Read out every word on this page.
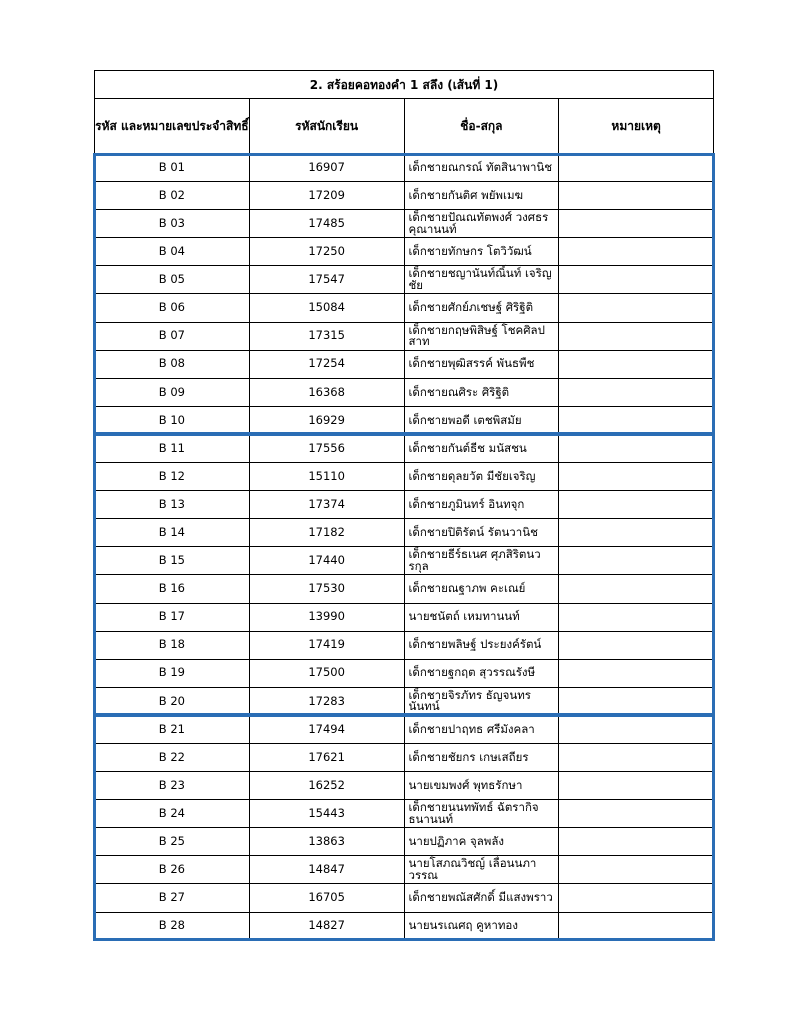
2. สร้อยคอทองคำ 1 สลึง (เส้นที่ 1)			
รหัส และหมายเลขประจำสิทธิ์	รหัสนักเรียน	ชื่อ-สกุล	หมายเหตุ
B 01	16907	เด็กชายณกรณ์ ทัตสินาพานิช	
B 02	17209	เด็กชายกันติศ พยัพเมฆ	
B 03	17485	เด็กชายปัณณทัตพงศ์ วงศธรคุณานนท์	
B 04	17250	เด็กชายทักษกร โตวิวัฒน์	
B 05	17547	เด็กชายชญานันท์ณิ์นท์ เจริญชัย	
B 06	15084	เด็กชายศักย์ภเชษฐ์ ศิริฐิติ	
B 07	17315	เด็กชายกฤษพิสิษฐ์ โชคศิลปสาท	
B 08	17254	เด็กชายพุฒิสรรค์ พันธพืช	
B 09	16368	เด็กชายณศิระ ศิริฐิติ	
B 10	16929	เด็กชายพอดี เตชพิสมัย	
B 11	17556	เด็กชายกันต์ธีช มนัสชน	
B 12	15110	เด็กชายดุลยวัต มีชัยเจริญ	
B 13	17374	เด็กชายภูมินทร์ อินทจุก	
B 14	17182	เด็กชายปิติรัตน์ รัตนวานิช	
B 15	17440	เด็กชายธีร์ธเนศ ศุภสิริตนวรกุล	
B 16	17530	เด็กชายณฐาภพ คะเณย์	
B 17	13990	นายชนัตถ์ เหมทานนท์	
B 18	17419	เด็กชายพลิษฐ์ ประยงค์รัตน์	
B 19	17500	เด็กชายฐกฤต สุวรรณรังษี	
B 20	17283	เด็กชายจิรภัทร ธัญจนทรนันทน์	
B 21	17494	เด็กชายปาฤทธ ศรีมังคลา	
B 22	17621	เด็กชายชัยกร เกษเสถียร	
B 23	16252	นายเขมพงศ์ พุทธรักษา	
B 24	15443	เด็กชายนนทพัทธ์ ฉัตรากิจธนานนท์	
B 25	13863	นายปฏิภาค จุลพลัง	
B 26	14847	นายโสภณวิชญ์ เลื่อนนภาวรรณ	
B 27	16705	เด็กชายพณัสศักดิ์ มีแสงพราว	
B 28	14827	นายนรเณศฤ คูหาทอง	
